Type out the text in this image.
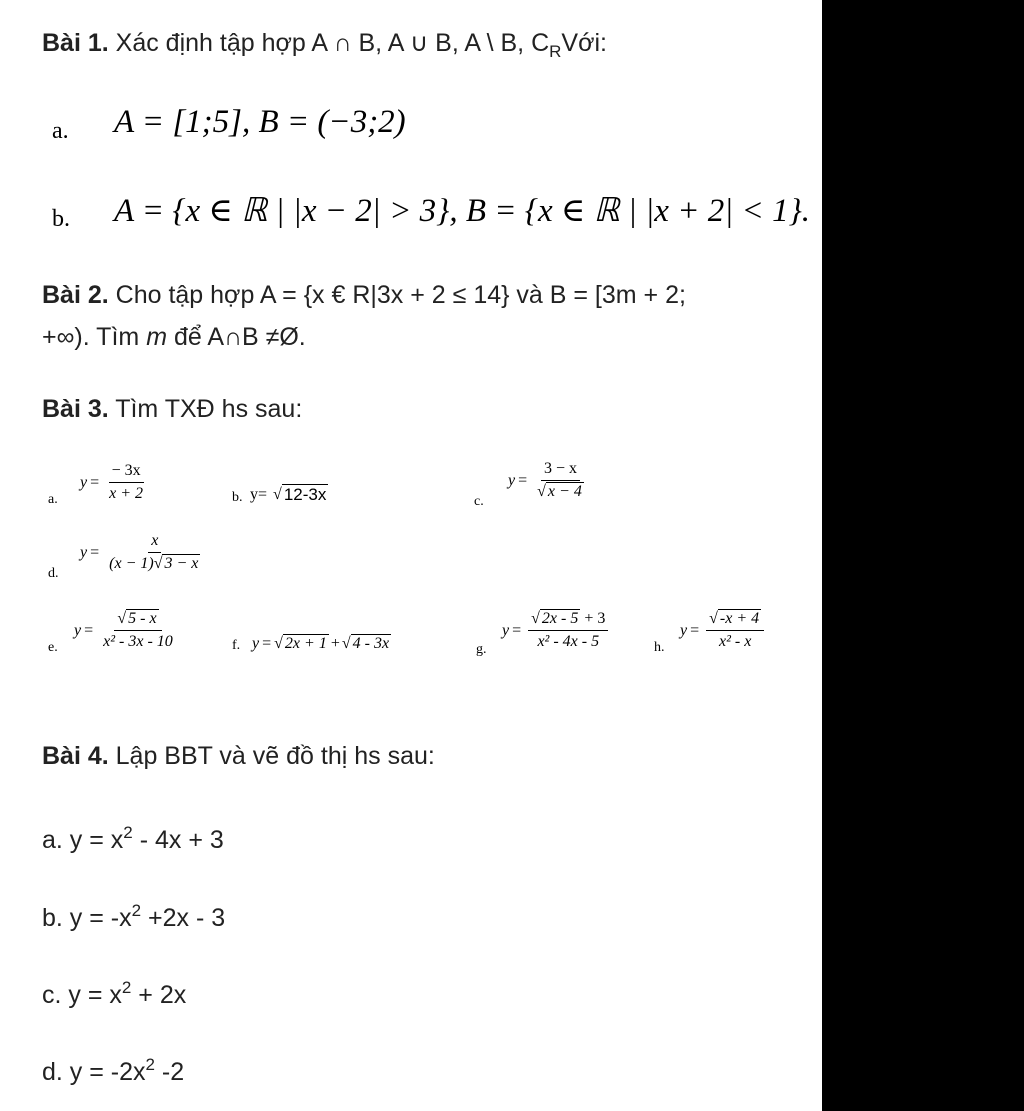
Bài 1. Xác định tập hợp A ∩ B, A ∪ B, A \ B, $C_RVới$:
a. A = [1;5], B = (−3;2)
b. A = {x ∈ ℝ | |x − 2| > 3}, B = {x ∈ ℝ | |x + 2| < 1}.
Bài 2. Cho tập hợp A = {x € R|3x + 2 ≤ 14} và B = [3m + 2;
+∞). Tìm m để A∩B ≠Ø.
Bài 3. Tìm TXĐ hs sau:
a.
$y = \frac{- 3x}{x + 2}$	b. y= √ 12-3x	c.
$y = \frac{3 - x}{√ x - 4}$
d.
$y = \frac{x}{(x - 1)√ 3 - x}$
e.
$y = \frac{√ 5 - x}{\text{x² - 3x - 10}}$	f. y = √ 2x + 1 + √ 4 - 3x	g.
$y = \frac{√ 2x - 5 + 3}{\text{x² - 4x - 5}}$	h.
$y = \frac{√ -x + 4}{\text{x² - x}}$
Bài 4. Lập BBT và vẽ đồ thị hs sau:
a. $y = x^2 - 4x + 3$
b. $y = -x^2 +2x - 3$
c. $y = x^2 + 2x$
d. $y = -2x^2$ -2
